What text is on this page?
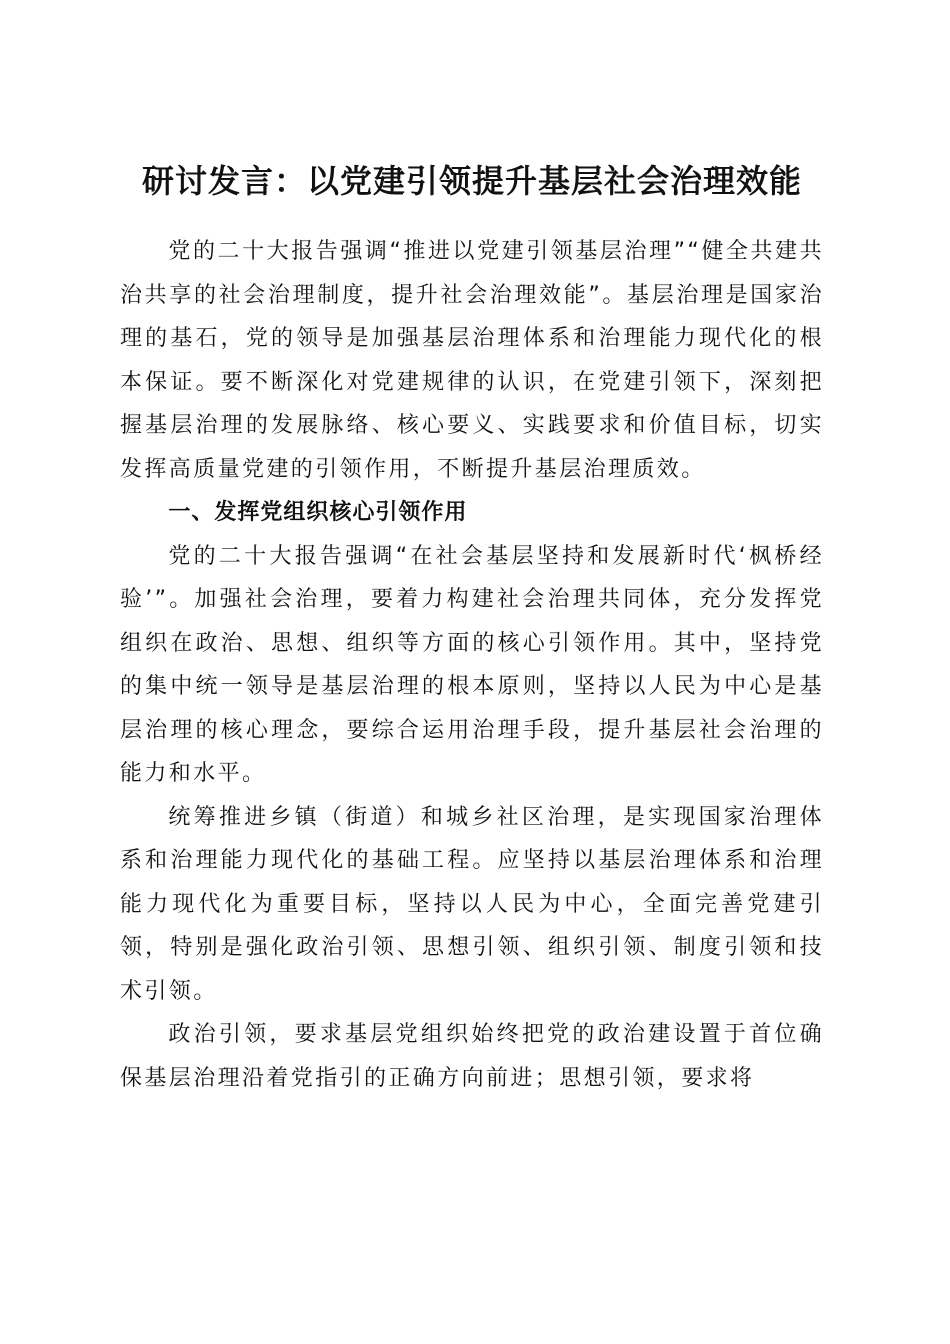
研讨发言：以党建引领提升基层社会治理效能

党的二十大报告强调“推进以党建引领基层治理”“健全共建共治共享的社会治理制度，提升社会治理效能”。基层治理是国家治理的基石，党的领导是加强基层治理体系和治理能力现代化的根本保证。要不断深化对党建规律的认识，在党建引领下，深刻把握基层治理的发展脉络、核心要义、实践要求和价值目标，切实发挥高质量党建的引领作用，不断提升基层治理质效。

一、发挥党组织核心引领作用

党的二十大报告强调“在社会基层坚持和发展新时代‘枫桥经验’”。加强社会治理，要着力构建社会治理共同体，充分发挥党组织在政治、思想、组织等方面的核心引领作用。其中，坚持党的集中统一领导是基层治理的根本原则，坚持以人民为中心是基层治理的核心理念，要综合运用治理手段，提升基层社会治理的能力和水平。

统筹推进乡镇（街道）和城乡社区治理，是实现国家治理体系和治理能力现代化的基础工程。应坚持以基层治理体系和治理能力现代化为重要目标，坚持以人民为中心，全面完善党建引领，特别是强化政治引领、思想引领、组织引领、制度引领和技术引领。

政治引领，要求基层党组织始终把党的政治建设置于首位确保基层治理沿着党指引的正确方向前进；思想引领，要求将
